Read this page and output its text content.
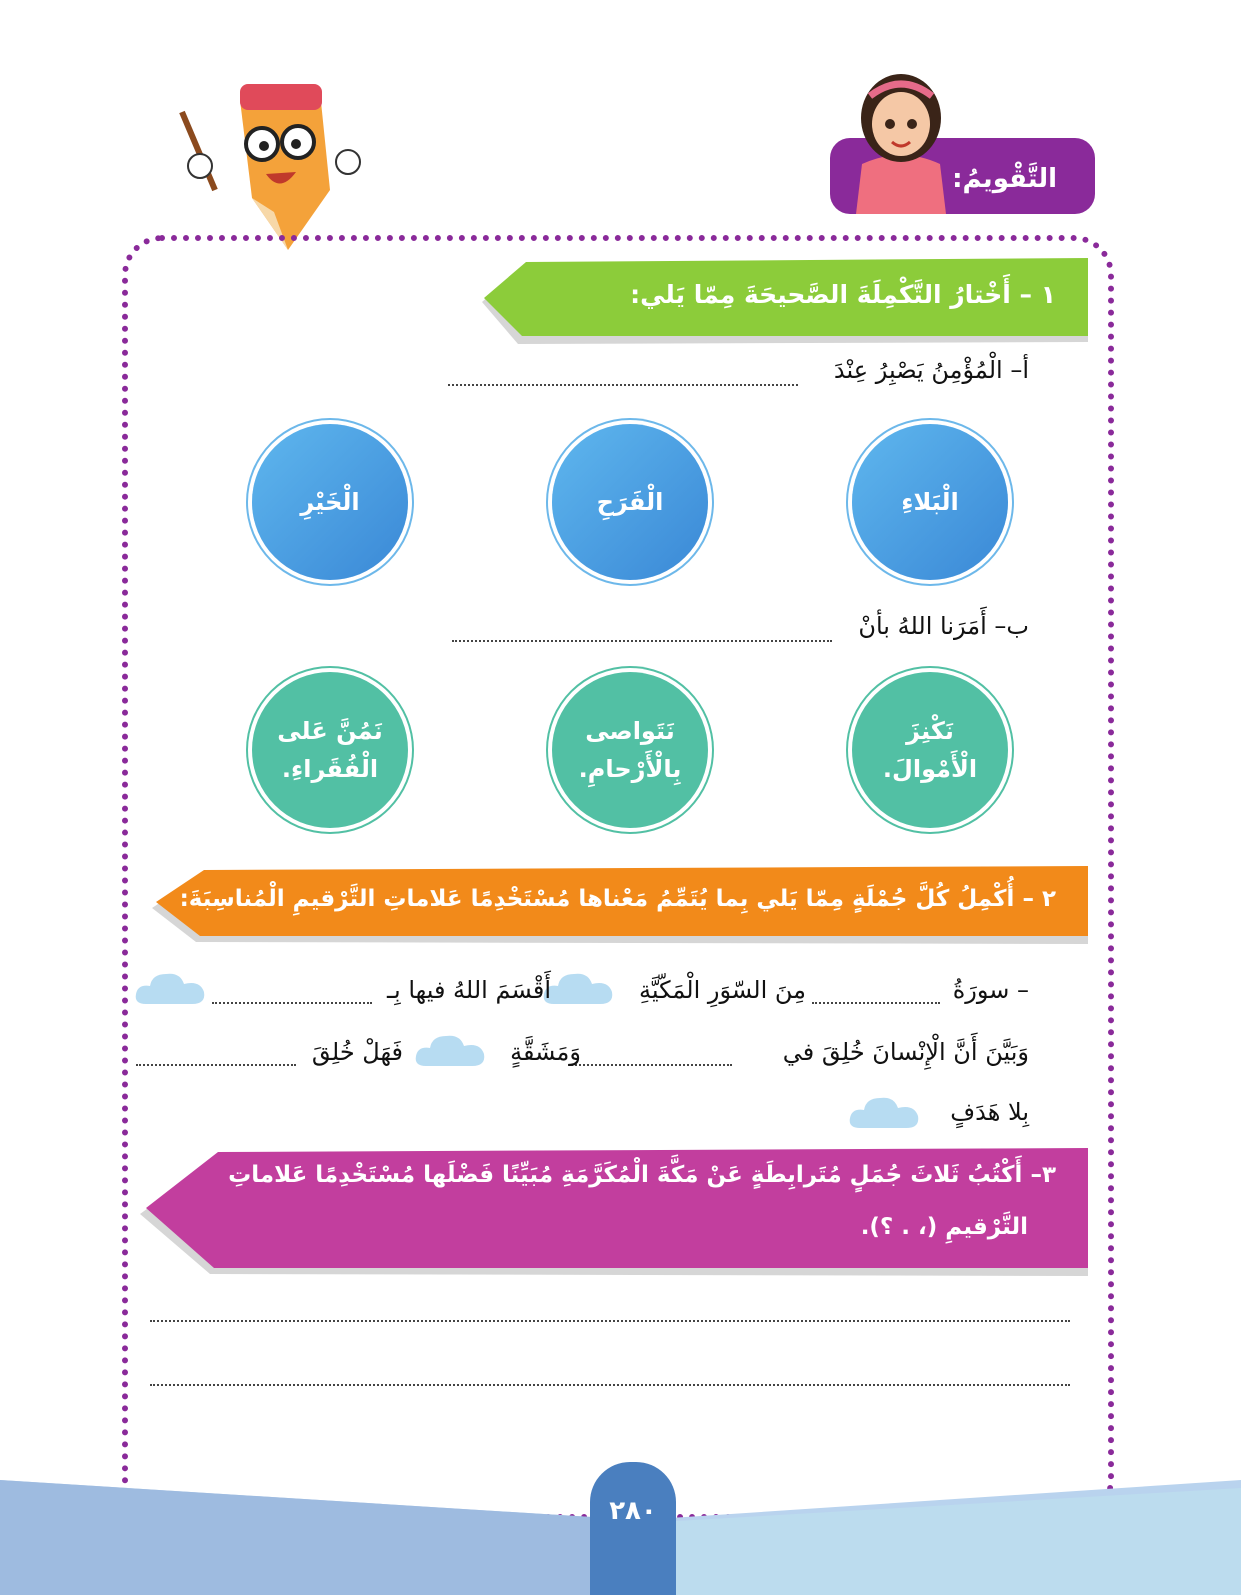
التَّقْويمُ:
١ – أَخْتارُ التَّكْمِلَةَ الصَّحيحَةَ مِمّا يَلي:
أ– الْمُؤْمِنُ يَصْبِرُ عِنْدَ
الْبَلاءِ
الْفَرَحِ
الْخَيْرِ
ب– أَمَرَنا اللهُ بأنْ
نَكْنِزَ
الْأَمْوالَ.
نَتَواصى
بِالْأَرْحامِ.
نَمُنَّ عَلى
الْفُقَراءِ.
٢ – أُكْمِلُ كُلَّ جُمْلَةٍ مِمّا يَلي بِما يُتَمِّمُ مَعْناها مُسْتَخْدِمًا عَلاماتِ التَّرْقيمِ الْمُناسِبَةَ:
– سورَةُ
مِنَ السّوَرِ الْمَكّيَّةِ
أَقْسَمَ اللهُ فيها بِـ
وَبَيَّنَ أَنَّ الْإِنْسانَ خُلِقَ في
وَمَشَقَّةٍ
فَهَلْ خُلِقَ
بِلا هَدَفٍ
٣– أَكْتُبُ ثَلاثَ جُمَلٍ مُتَرابِطَةٍ عَنْ مَكَّةَ الْمُكَرَّمَةِ مُبَيِّنًا فَضْلَها مُسْتَخْدِمًا عَلاماتِ
التَّرْقيمِ (، . ؟).
٢٨٠
